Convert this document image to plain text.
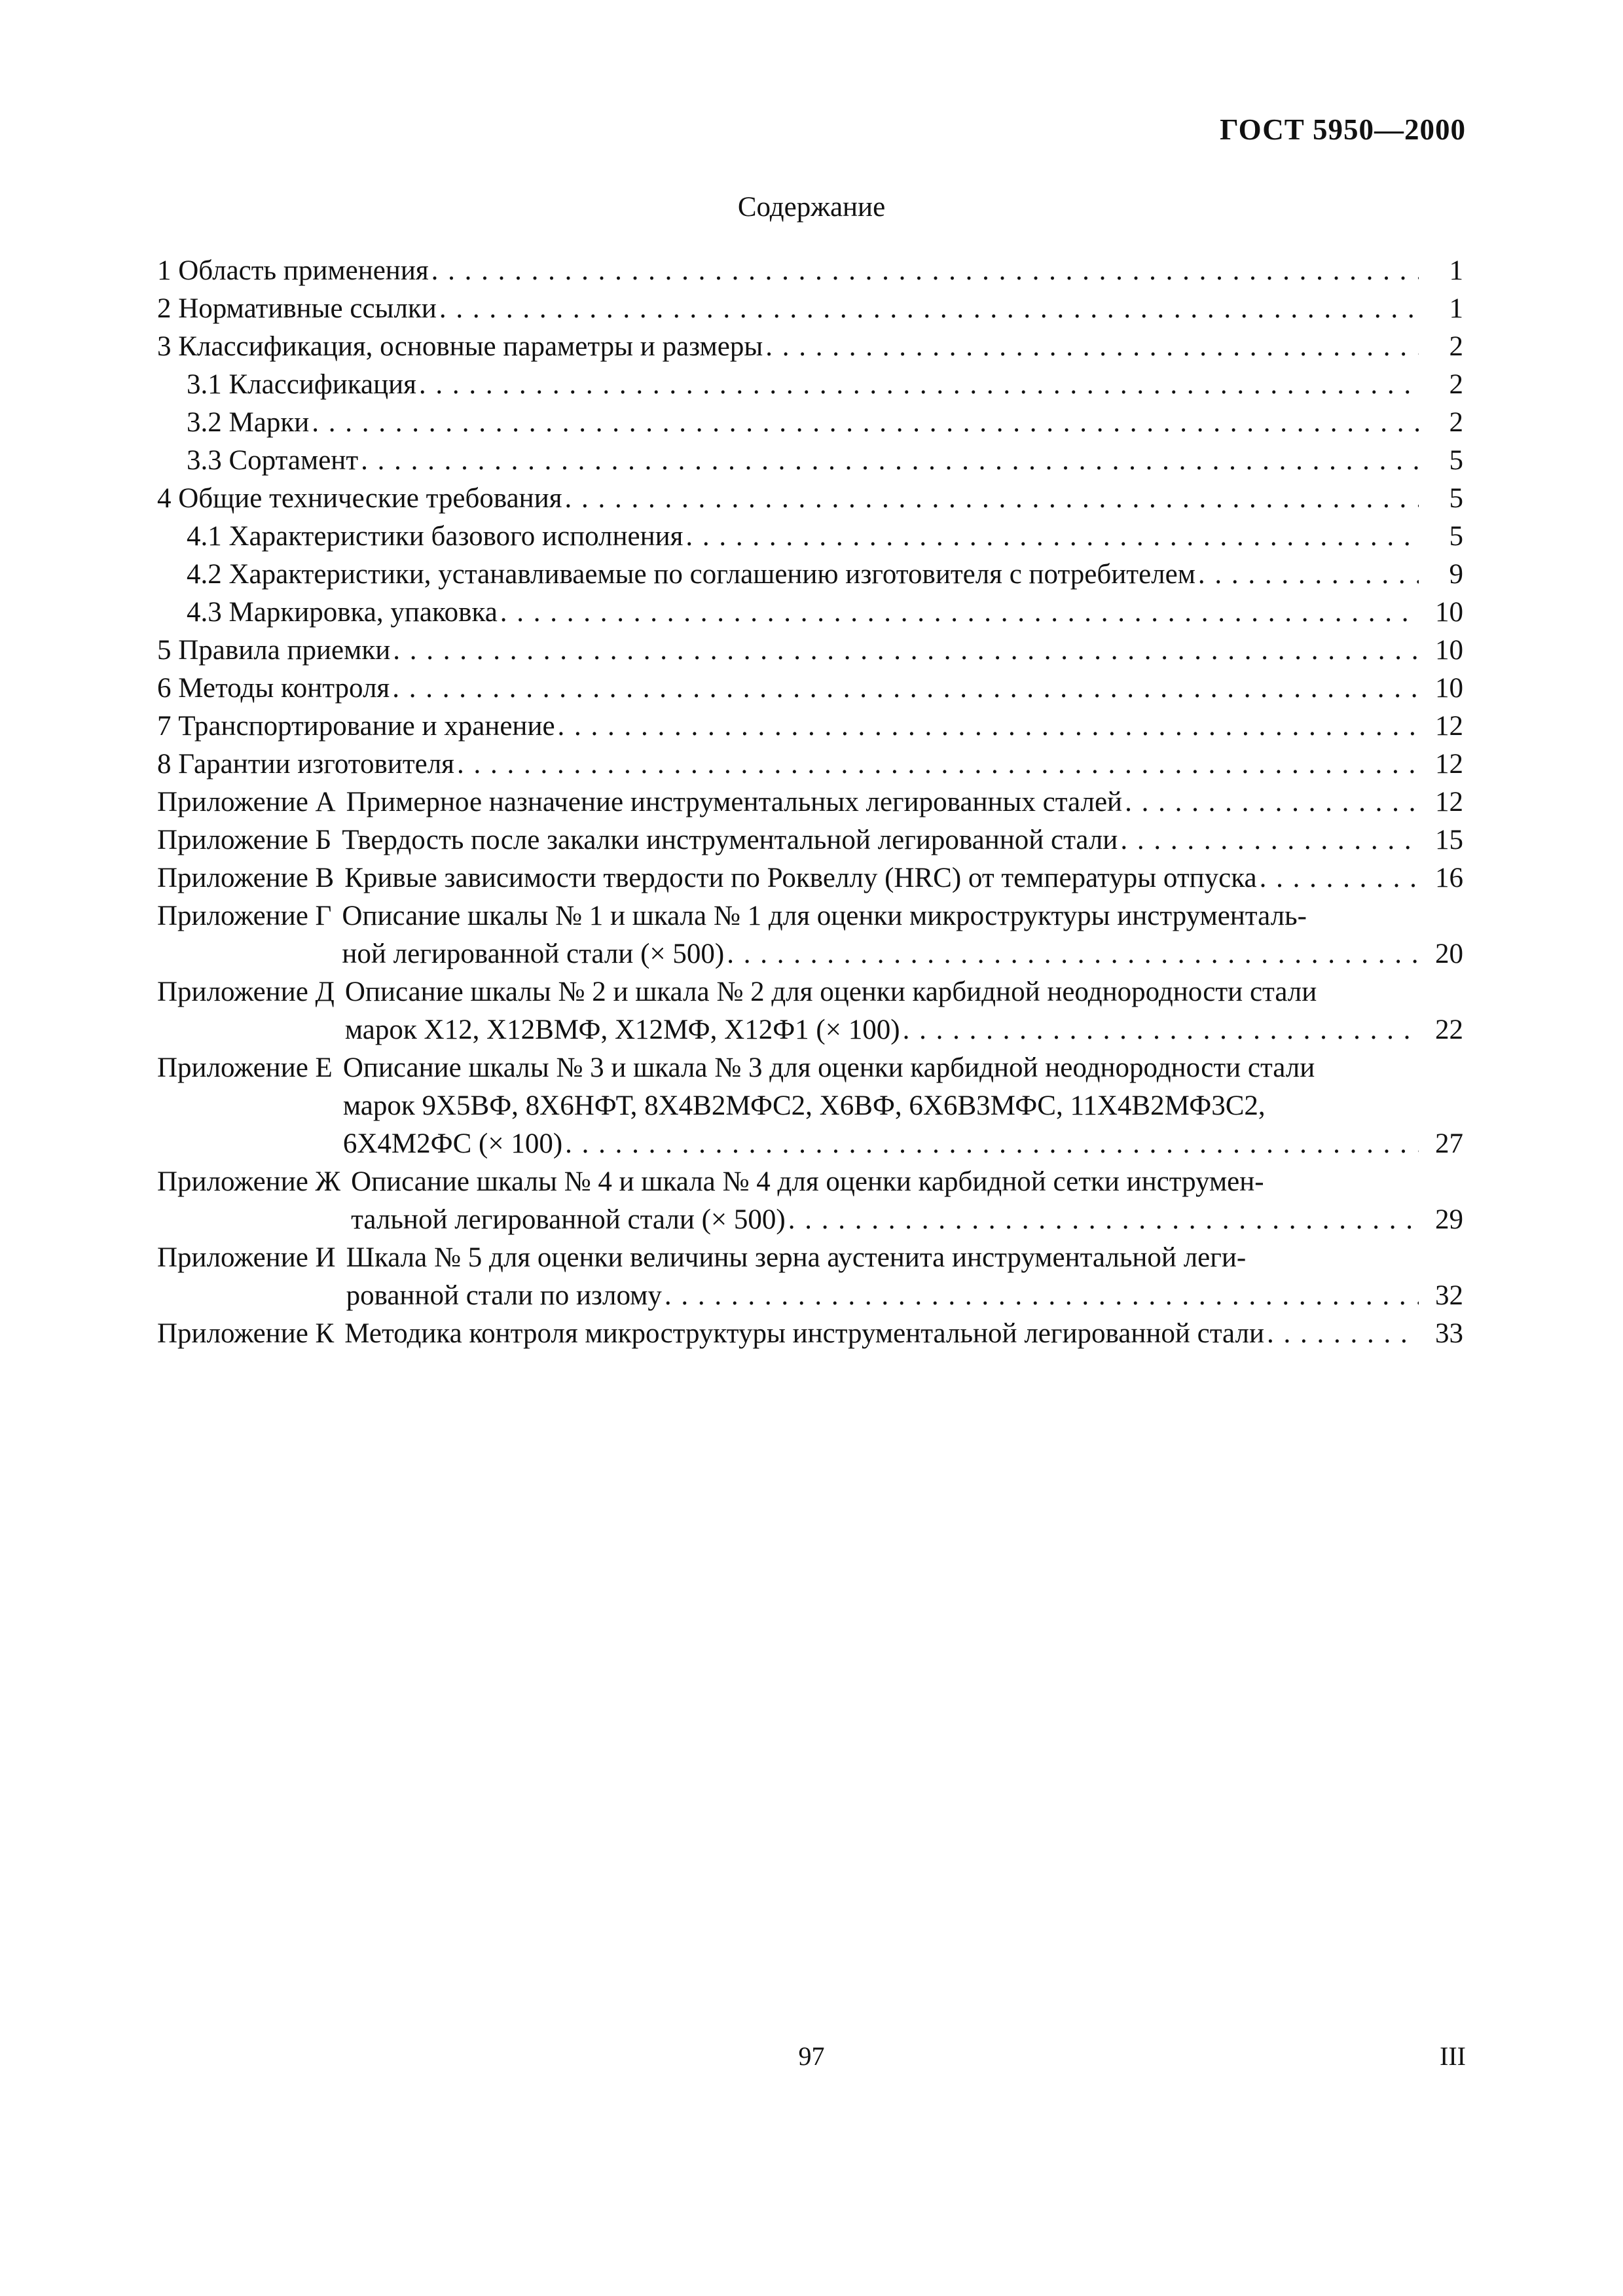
ГОСТ 5950—2000
Содержание
1 Область применения . . .	1
2 Нормативные ссылки . . .	1
3 Классификация, основные параметры и размеры . . .	2
3.1 Классификация . . .	2
3.2 Марки . . .	2
3.3 Сортамент . . .	5
4 Общие технические требования . . .	5
4.1 Характеристики базового исполнения . . .	5
4.2 Характеристики, устанавливаемые по соглашению изготовителя с потребителем . . .	9
4.3 Маркировка, упаковка . . .	10
5 Правила приемки . . .	10
6 Методы контроля . . .	10
7 Транспортирование и хранение . . .	12
8 Гарантии изготовителя . . .	12
Приложение А Примерное назначение инструментальных легированных сталей . . .	12
Приложение Б Твердость после закалки инструментальной легированной стали . . .	15
Приложение В Кривые зависимости твердости по Роквеллу (HRC) от температуры отпуска . . .	16
Приложение Г Описание шкалы № 1 и шкала № 1 для оценки микроструктуры инструменталь-
ной легированной стали (× 500) . . .	20
Приложение Д Описание шкалы № 2 и шкала № 2 для оценки карбидной неоднородности стали
марок Х12, Х12ВМФ, Х12МФ, Х12Ф1 (× 100) . . .	22
Приложение Е Описание шкалы № 3 и шкала № 3 для оценки карбидной неоднородности стали
марок 9Х5ВФ, 8Х6НФТ, 8Х4В2МФС2, Х6ВФ, 6Х6В3МФС, 11Х4В2МФ3С2,
6Х4М2ФС (× 100) . . .	27
Приложение Ж Описание шкалы № 4 и шкала № 4 для оценки карбидной сетки инструмен-
тальной легированной стали (× 500) . . .	29
Приложение И Шкала № 5 для оценки величины зерна аустенита инструментальной леги-
рованной стали по излому . . .	32
Приложение К Методика контроля микроструктуры инструментальной легированной стали . . .	33
97	III
